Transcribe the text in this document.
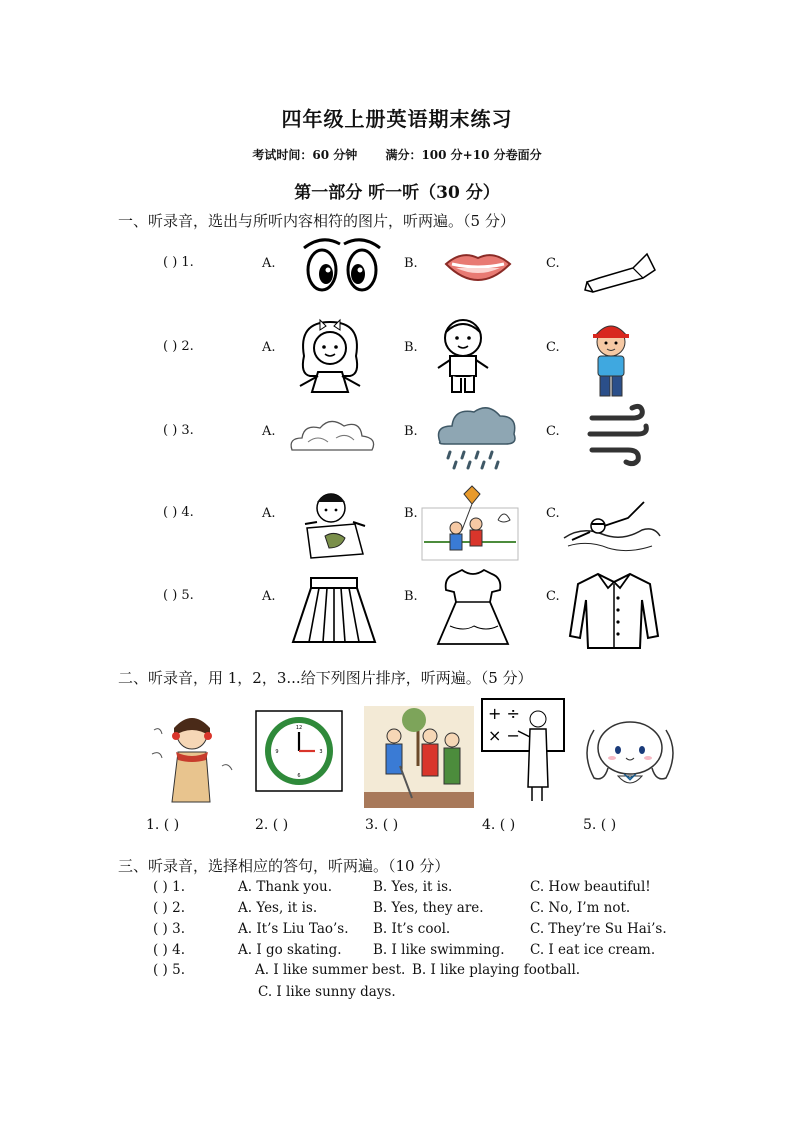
四年级上册英语期末练习
考试时间：60 分钟 满分：100 分+10 分卷面分
第一部分 听一听（30 分）
一、听录音，选出与所听内容相符的图片，听两遍。（5 分）
( ) 1.	A.	B.	C.
( ) 2.	A.	B.	C.
( ) 3.	A.	B.	C.
( ) 4.	A.	B.	C.
( ) 5.	A.	B.	C.
二、听录音，用 1，2，3...给下列图片排序，听两遍。（5 分）
12
3
6
9
+ ÷
× −
1. ( )	2. ( )	3. ( )	4. ( )	5. ( )
三、听录音，选择相应的答句，听两遍。（10 分）
( ) 1.	A. Thank you.	B. Yes, it is.	C. How beautiful!
( ) 2.	A. Yes, it is.	B. Yes, they are.	C. No, I’m not.
( ) 3.	A. It’s Liu Tao’s. B. It’s cool.	C. They’re Su Hai’s.
( ) 4.	A. I go skating. B. I like swimming. C. I eat ice cream.
( ) 5.	A. I like summer best. B. I like playing football.
C. I like sunny days.
